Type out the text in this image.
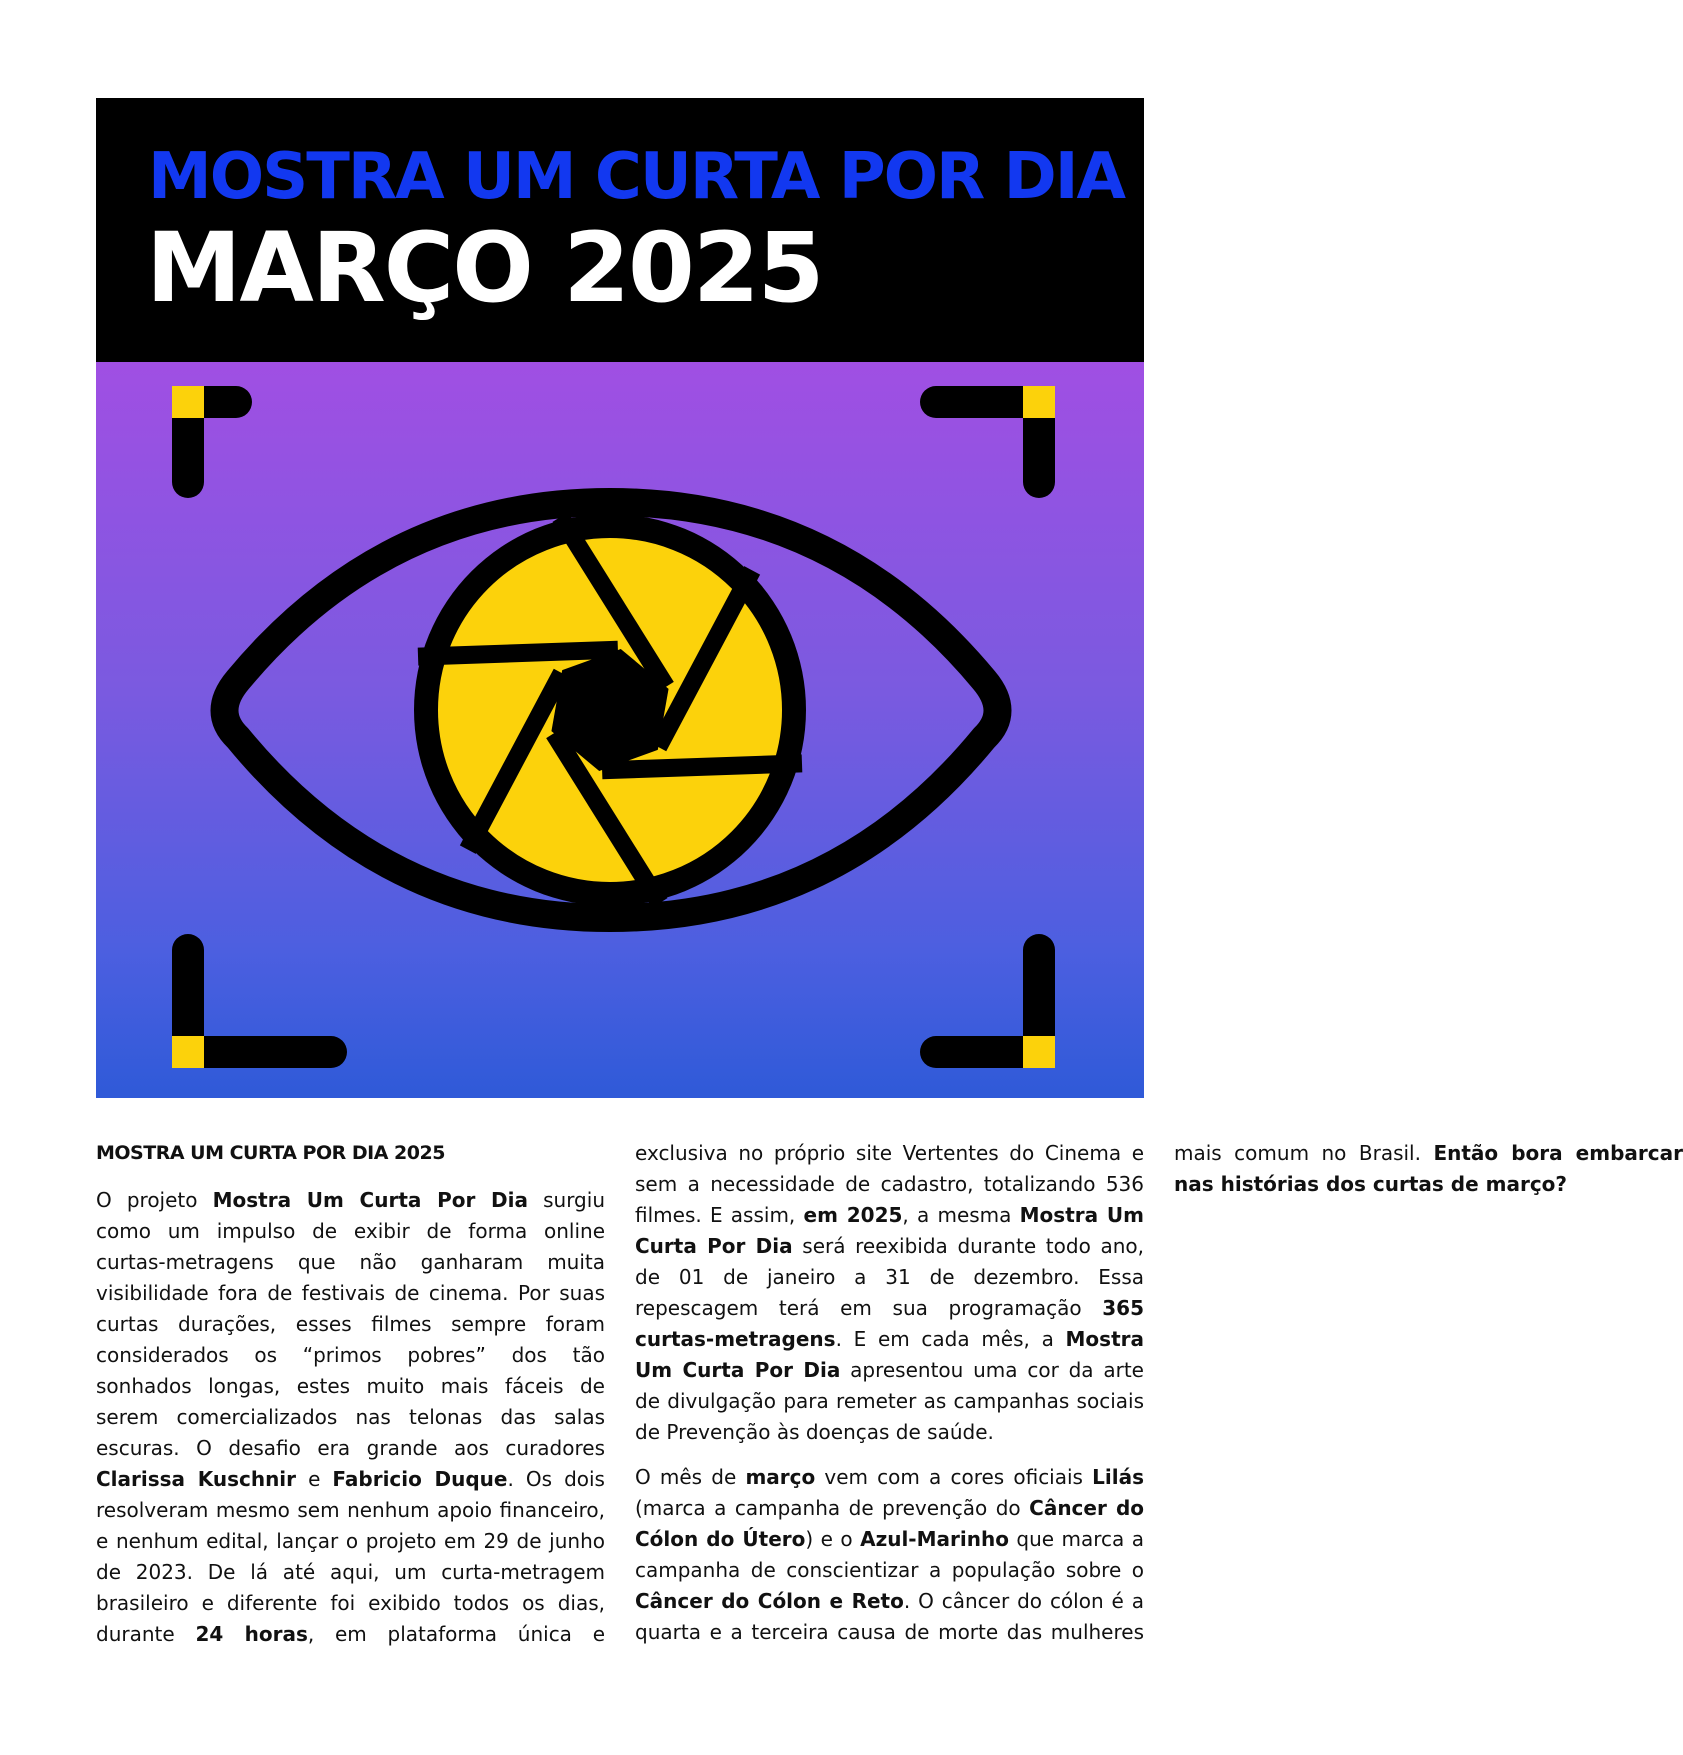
MOSTRA UM CURTA POR DIA
MARÇO 2025

MOSTRA UM CURTA POR DIA 2025

O projeto Mostra Um Curta Por Dia surgiu como um impulso de exibir de forma online curtas-metragens que não ganharam muita visibilidade fora de festivais de cinema. Por suas curtas durações, esses filmes sempre foram considerados os “primos pobres” dos tão sonhados longas, estes muito mais fáceis de serem comercializados nas telonas das salas escuras. O desafio era grande aos curadores Clarissa Kuschnir e Fabricio Duque. Os dois resolveram mesmo sem nenhum apoio financeiro, e nenhum edital, lançar o projeto em 29 de junho de 2023. De lá até aqui, um curta-metragem brasileiro e diferente foi exibido todos os dias, durante 24 horas, em plataforma única e exclusiva no próprio site Vertentes do Cinema e sem a necessidade de cadastro, totalizando 536 filmes. E assim, em 2025, a mesma Mostra Um Curta Por Dia será reexibida durante todo ano, de 01 de janeiro a 31 de dezembro. Essa repescagem terá em sua programação 365 curtas-metragens. E em cada mês, a Mostra Um Curta Por Dia apresentou uma cor da arte de divulgação para remeter as campanhas sociais de Prevenção às doenças de saúde.

O mês de março vem com a cores oficiais Lilás (marca a campanha de prevenção do Câncer do Cólon do Útero) e o Azul-Marinho que marca a campanha de conscientizar a população sobre o Câncer do Cólon e Reto. O câncer do cólon é a quarta e a terceira causa de morte das mulheres mais comum no Brasil. Então bora embarcar nas histórias dos curtas de março?
